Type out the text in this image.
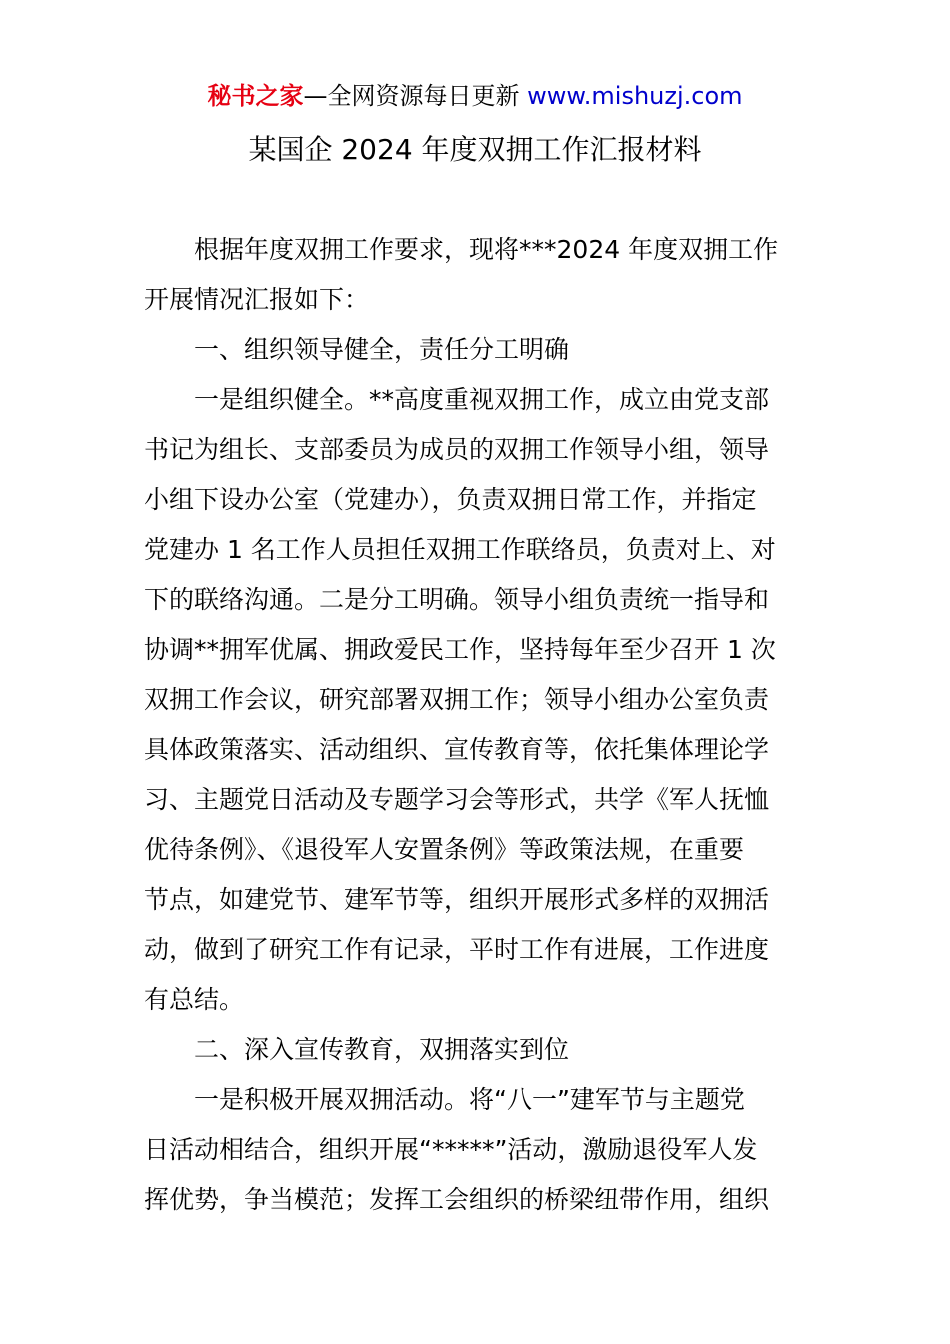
秘书之家—全网资源每日更新 www.mishuzj.com
某国企 2024 年度双拥工作汇报材料
　　根据年度双拥工作要求，现将***2024 年度双拥工作
开展情况汇报如下：
　　一、组织领导健全，责任分工明确
　　一是组织健全。**高度重视双拥工作，成立由党支部
书记为组长、支部委员为成员的双拥工作领导小组，领导
小组下设办公室（党建办），负责双拥日常工作，并指定
党建办 1 名工作人员担任双拥工作联络员，负责对上、对
下的联络沟通。二是分工明确。领导小组负责统一指导和
协调**拥军优属、拥政爱民工作，坚持每年至少召开 1 次
双拥工作会议，研究部署双拥工作；领导小组办公室负责
具体政策落实、活动组织、宣传教育等，依托集体理论学
习、主题党日活动及专题学习会等形式，共学《军人抚恤
优待条例》、《退役军人安置条例》等政策法规，在重要
节点，如建党节、建军节等，组织开展形式多样的双拥活
动，做到了研究工作有记录，平时工作有进展，工作进度
有总结。
　　二、深入宣传教育，双拥落实到位
　　一是积极开展双拥活动。将“八一”建军节与主题党
日活动相结合，组织开展“*****”活动，激励退役军人发
挥优势，争当模范；发挥工会组织的桥梁纽带作用，组织
